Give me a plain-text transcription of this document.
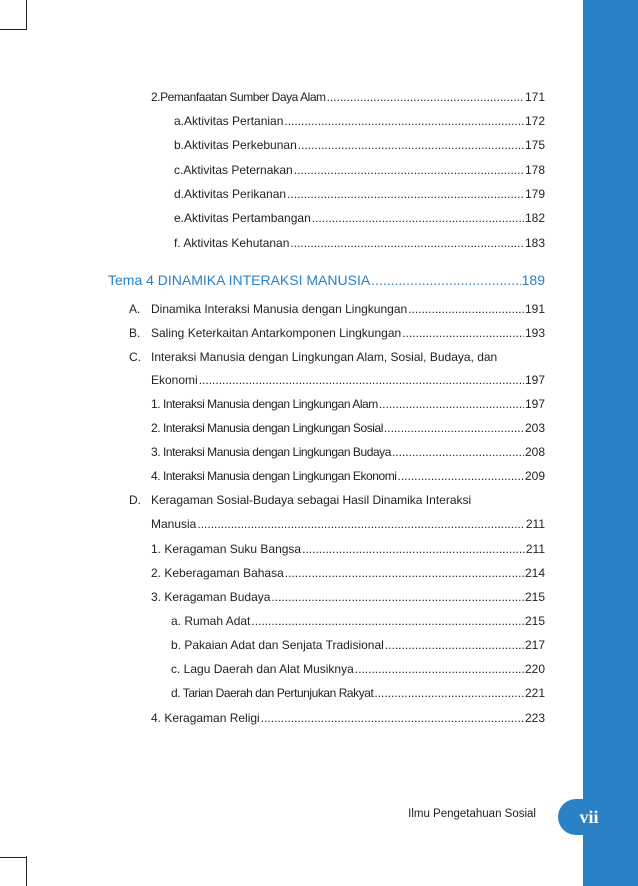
2.Pemanfaatan Sumber Daya Alam .....	171
a.Aktivitas Pertanian .....	172
b.Aktivitas Perkebunan .....	175
c.Aktivitas Peternakan .....	178
d.Aktivitas Perikanan .....	179
e.Aktivitas Pertambangan .....	182
f. Aktivitas Kehutanan .....	183
Tema 4 DINAMIKA INTERAKSI MANUSIA .....	189
A. Dinamika Interaksi Manusia dengan Lingkungan .....	191
B. Saling Keterkaitan Antarkomponen Lingkungan .....	193
C. Interaksi Manusia dengan Lingkungan Alam, Sosial, Budaya, dan
Ekonomi .....	197
1. Interaksi Manusia dengan Lingkungan Alam .....	197
2. Interaksi Manusia dengan Lingkungan Sosial .....	203
3. Interaksi Manusia dengan Lingkungan Budaya .....	208
4. Interaksi Manusia dengan Lingkungan Ekonomi .....	209
D. Keragaman Sosial-Budaya sebagai Hasil Dinamika Interaksi
Manusia .....	211
1. Keragaman Suku Bangsa .....	211
2. Keberagaman Bahasa .....	214
3. Keragaman Budaya .....	215
a. Rumah Adat .....	215
b. Pakaian Adat dan Senjata Tradisional .....	217
c. Lagu Daerah dan Alat Musiknya .....	220
d. Tarian Daerah dan Pertunjukan Rakyat .....	221
4. Keragaman Religi .....	223
Ilmu Pengetahuan Sosial	vii
